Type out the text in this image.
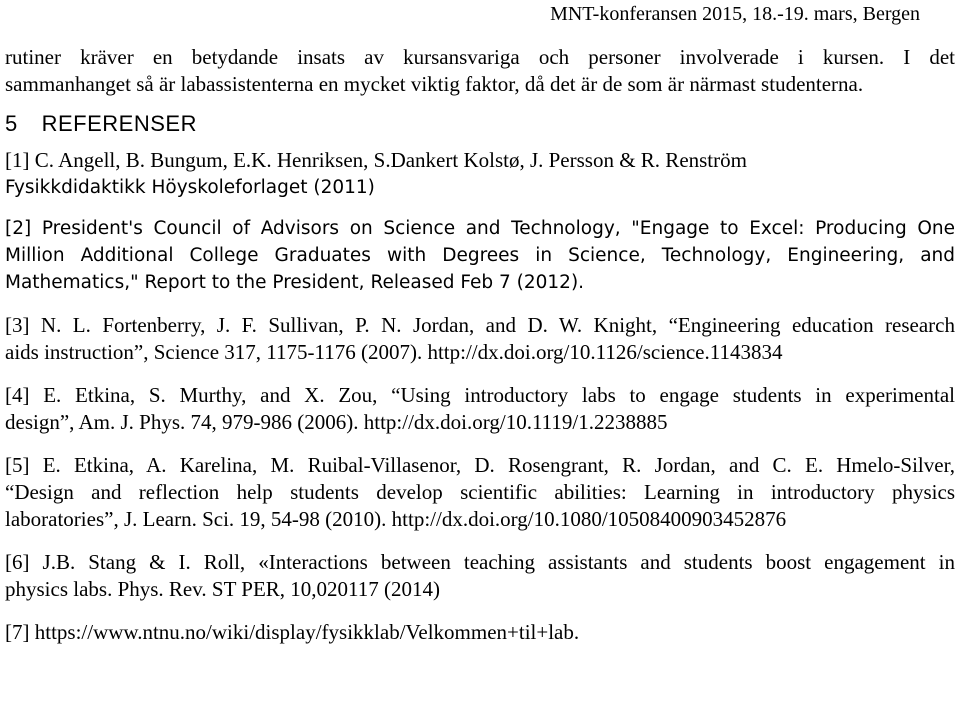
MNT-konferansen 2015, 18.-19. mars, Bergen

rutiner kräver en betydande insats av kursansvariga och personer involverade i kursen. I det

sammanhanget så är labassistenterna en mycket viktig faktor, då det är de som är närmast studenterna.

5 REFERENSER
[1] C. Angell, B. Bungum, E.K. Henriksen, S.Dankert Kolstø, J. Persson & R. Renström
Fysikkdidaktikk Höyskoleforlaget (2011)
[2] President's Council of Advisors on Science and Technology, "Engage to Excel: Producing One
Million Additional College Graduates with Degrees in Science, Technology, Engineering, and
Mathematics," Report to the President, Released Feb 7 (2012).
[3] N. L. Fortenberry, J. F. Sullivan, P. N. Jordan, and D. W. Knight, “Engineering education research
aids instruction”, Science 317, 1175-1176 (2007). http://dx.doi.org/10.1126/science.1143834
[4] E. Etkina, S. Murthy, and X. Zou, “Using introductory labs to engage students in experimental
design”, Am. J. Phys. 74, 979-986 (2006). http://dx.doi.org/10.1119/1.2238885
[5] E. Etkina, A. Karelina, M. Ruibal-Villasenor, D. Rosengrant, R. Jordan, and C. E. Hmelo-Silver,
“Design and reflection help students develop scientific abilities: Learning in introductory physics
laboratories”, J. Learn. Sci. 19, 54-98 (2010). http://dx.doi.org/10.1080/10508400903452876
[6] J.B. Stang & I. Roll, «Interactions between teaching assistants and students boost engagement in
physics labs. Phys. Rev. ST PER, 10,020117 (2014)
[7] https://www.ntnu.no/wiki/display/fysikklab/Velkommen+til+lab.
